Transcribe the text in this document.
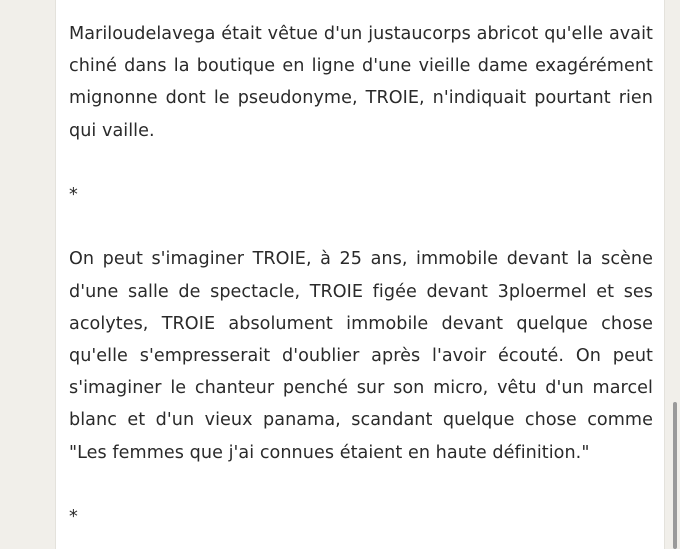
Mariloudelavega était vêtue d'un justaucorps abricot qu'elle avait chiné dans la boutique en ligne d'une vieille dame exagérément mignonne dont le pseudonyme, TROIE, n'indiquait pourtant rien qui vaille.

*

On peut s'imaginer TROIE, à 25 ans, immobile devant la scène d'une salle de spectacle, TROIE figée devant 3ploermel et ses acolytes, TROIE absolument immobile devant quelque chose qu'elle s'empresserait d'oublier après l'avoir écouté. On peut s'imaginer le chanteur penché sur son micro, vêtu d'un marcel blanc et d'un vieux panama, scandant quelque chose comme "Les femmes que j'ai connues étaient en haute définition."

*
